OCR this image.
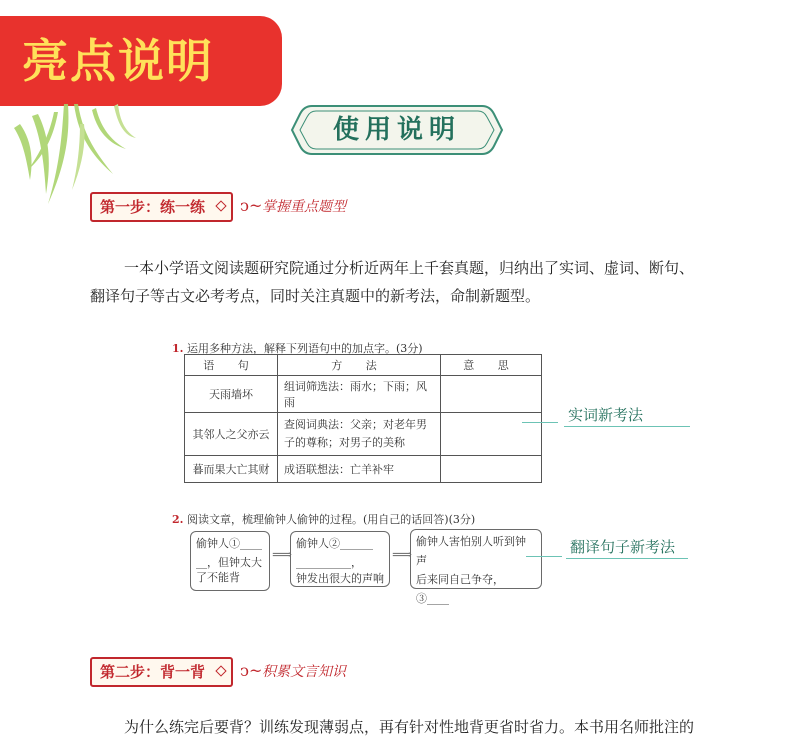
亮点说明
使用说明
第一步：练一练	ↄ~ 掌握重点题型
一本小学语文阅读题研究院通过分析近两年上千套真题，归纳出了实词、虚词、断句、
翻译句子等古文必考考点，同时关注真题中的新考法，命制新题型。
1. 运用多种方法，解释下列语句中的加点字。(3分)
语 句	方 法	意 思
天雨墙坏	组词筛选法：雨水；下雨；风雨	
其邻人之父亦云	查阅词典法：父亲；对老年男子的尊称；对男子的美称	
暮而果大亡其财	成语联想法：亡羊补牢	
实词新考法
2. 阅读文章，梳理偷钟人偷钟的过程。(用自己的话回答)(3分)
偷钟人①____
__，但钟太大
了不能背
⟹
偷钟人②______
__________，
钟发出很大的声响
⟹
偷钟人害怕别人听到钟声
后来同自己争夺，③____
翻译句子新考法
第二步：背一背	ↄ~ 积累文言知识
为什么练完后要背？训练发现薄弱点，再有针对性地背更省时省力。本书用名师批注的
